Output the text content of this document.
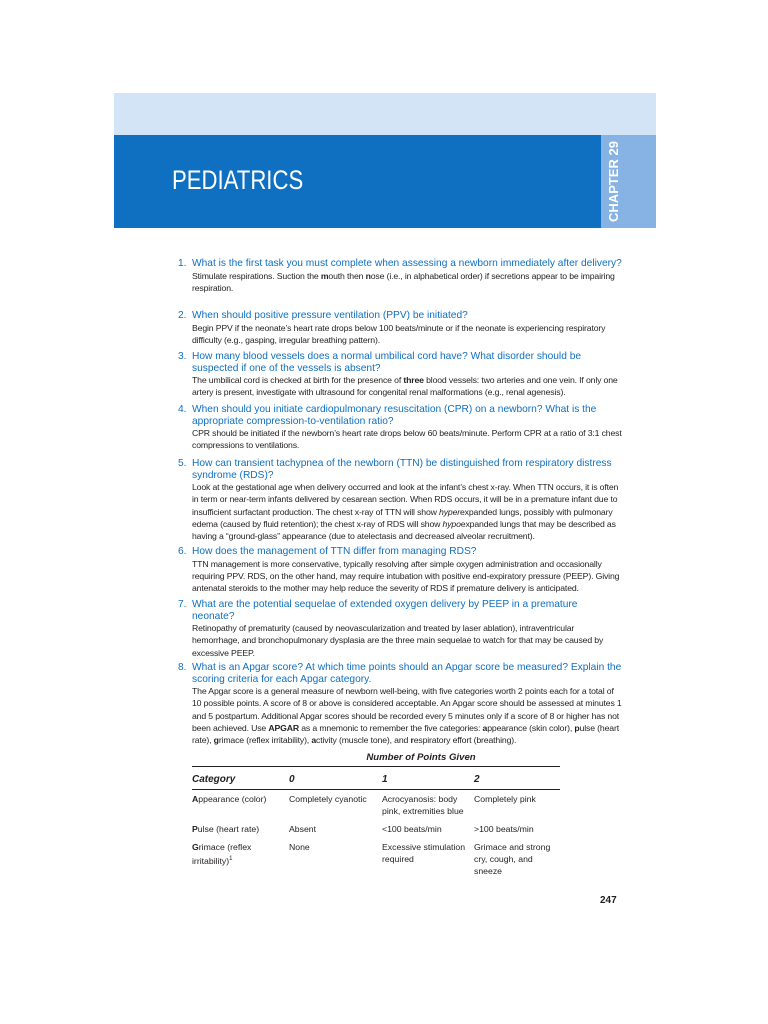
PEDIATRICS	CHAPTER 29
1. What is the first task you must complete when assessing a newborn immediately after delivery?
Stimulate respirations. Suction the mouth then nose (i.e., in alphabetical order) if secretions appear to be impairing respiration.
2. When should positive pressure ventilation (PPV) be initiated?
Begin PPV if the neonate’s heart rate drops below 100 beats/minute or if the neonate is experiencing respiratory difficulty (e.g., gasping, irregular breathing pattern).
3. How many blood vessels does a normal umbilical cord have? What disorder should be suspected if one of the vessels is absent?
The umbilical cord is checked at birth for the presence of three blood vessels: two arteries and one vein. If only one artery is present, investigate with ultrasound for congenital renal malformations (e.g., renal agenesis).
4. When should you initiate cardiopulmonary resuscitation (CPR) on a newborn? What is the appropriate compression-to-ventilation ratio?
CPR should be initiated if the newborn’s heart rate drops below 60 beats/minute. Perform CPR at a ratio of 3:1 chest compressions to ventilations.
5. How can transient tachypnea of the newborn (TTN) be distinguished from respiratory distress syndrome (RDS)?
Look at the gestational age when delivery occurred and look at the infant’s chest x-ray. When TTN occurs, it is often in term or near-term infants delivered by cesarean section. When RDS occurs, it will be in a premature infant due to insufficient surfactant production. The chest x-ray of TTN will show hyperexpanded lungs, possibly with pulmonary edema (caused by fluid retention); the chest x-ray of RDS will show hypoexpanded lungs that may be described as having a “ground-glass” appearance (due to atelectasis and decreased alveolar recruitment).
6. How does the management of TTN differ from managing RDS?
TTN management is more conservative, typically resolving after simple oxygen administration and occasionally requiring PPV. RDS, on the other hand, may require intubation with positive end-expiratory pressure (PEEP). Giving antenatal steroids to the mother may help reduce the severity of RDS if premature delivery is anticipated.
7. What are the potential sequelae of extended oxygen delivery by PEEP in a premature neonate?
Retinopathy of prematurity (caused by neovascularization and treated by laser ablation), intraventricular hemorrhage, and bronchopulmonary dysplasia are the three main sequelae to watch for that may be caused by excessive PEEP.
8. What is an Apgar score? At which time points should an Apgar score be measured? Explain the scoring criteria for each Apgar category.
The Apgar score is a general measure of newborn well-being, with five categories worth 2 points each for a total of 10 possible points. A score of 8 or above is considered acceptable. An Apgar score should be assessed at minutes 1 and 5 postpartum. Additional Apgar scores should be recorded every 5 minutes only if a score of 8 or higher has not been achieved. Use APGAR as a mnemonic to remember the five categories: appearance (skin color), pulse (heart rate), grimace (reflex irritability), activity (muscle tone), and respiratory effort (breathing).
Number of Points Given
Category	0	1	2
Appearance (color)	Completely cyanotic	Acrocyanosis: body pink, extremities blue	Completely pink
Pulse (heart rate)	Absent	<100 beats/min	>100 beats/min
Grimace (reflex irritability)$^1$	None	Excessive stimulation required	Grimace and strong cry, cough, and sneeze
247
